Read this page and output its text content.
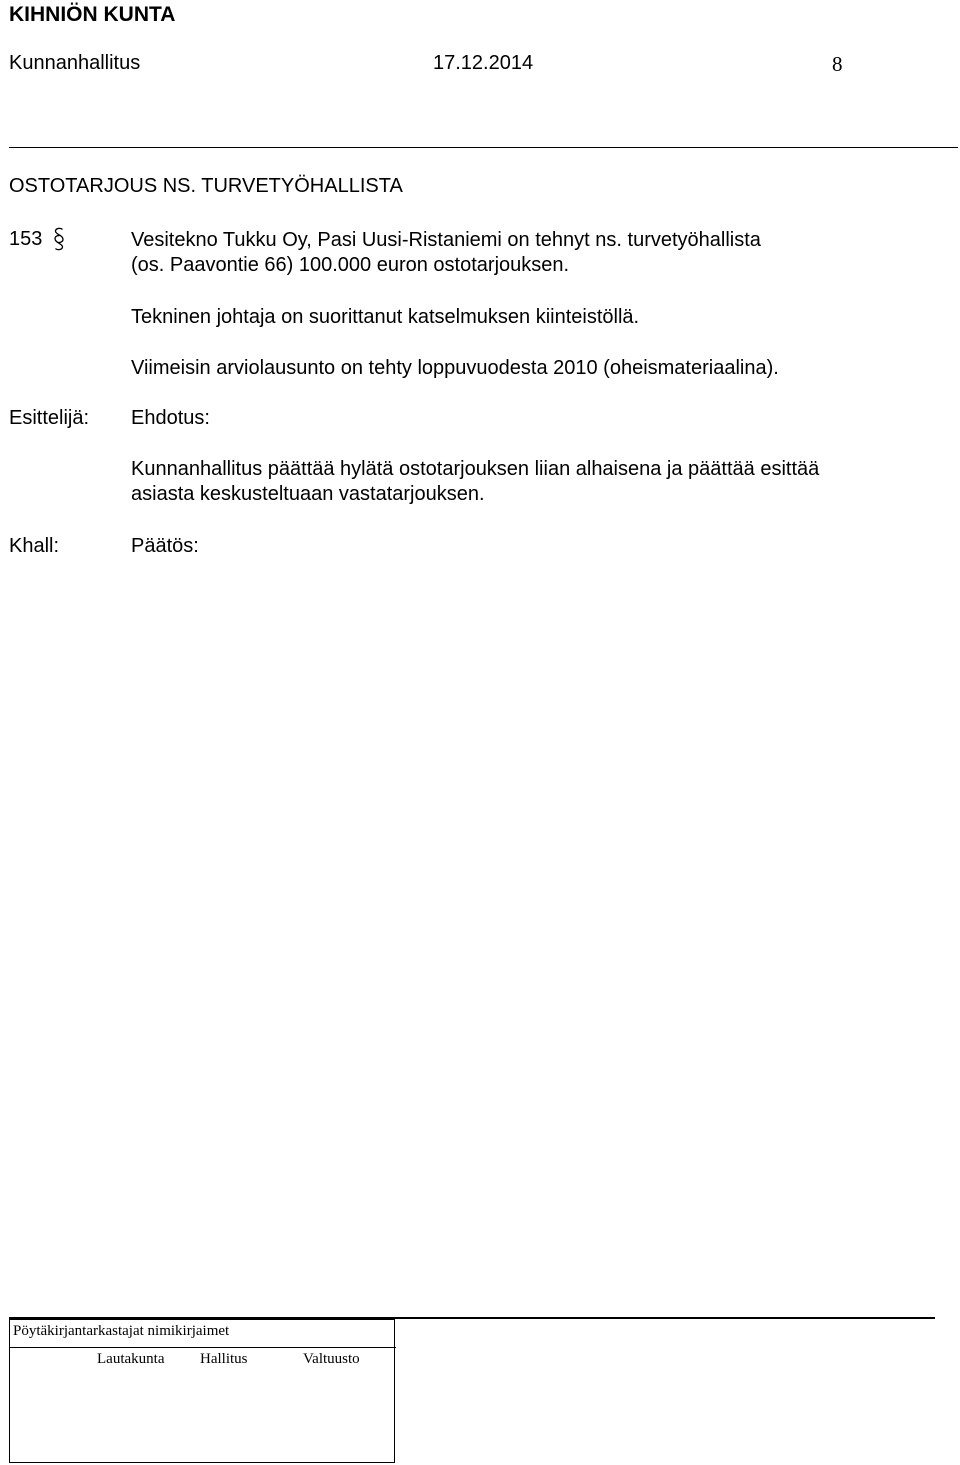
KIHNIÖN KUNTA
Kunnanhallitus	17.12.2014	8
OSTOTARJOUS NS. TURVETYÖHALLISTA
153	Vesitekno Tukku Oy, Pasi Uusi-Ristaniemi on tehnyt ns. turvetyöhallista
(os. Paavontie 66) 100.000 euron ostotarjouksen.
Tekninen johtaja on suorittanut katselmuksen kiinteistöllä.
Viimeisin arviolausunto on tehty loppuvuodesta 2010 (oheismateriaalina).
Esittelijä: Ehdotus:
Kunnanhallitus päättää hylätä ostotarjouksen liian alhaisena ja päättää esittää
asiasta keskusteltuaan vastatarjouksen.
Khall:	Päätös:
Pöytäkirjantarkastajat nimikirjaimet
Lautakunta Hallitus	Valtuusto
